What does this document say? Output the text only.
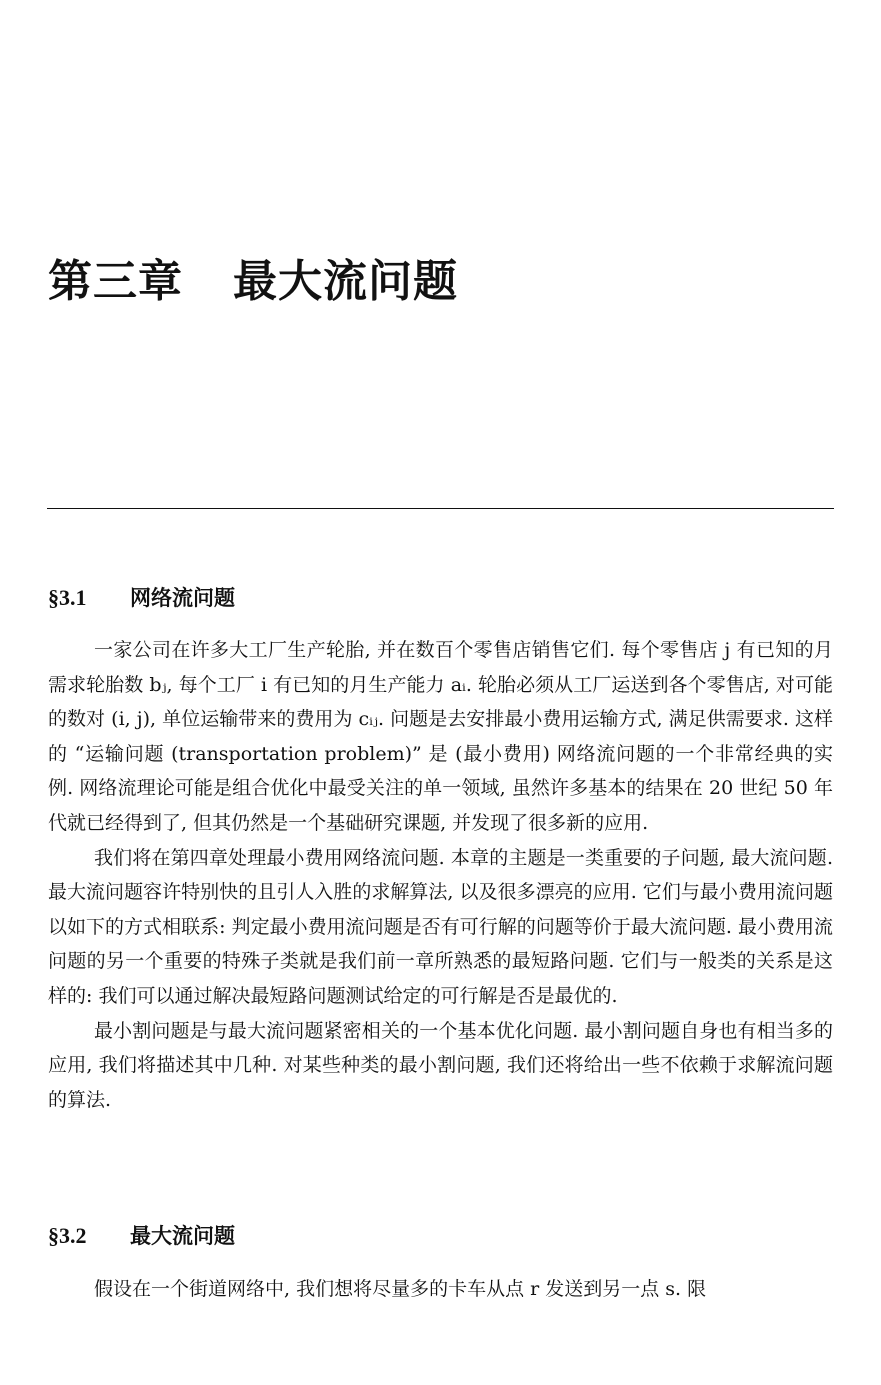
第三章 最大流问题
§3.1 网络流问题

一家公司在许多大工厂生产轮胎, 并在数百个零售店销售它们. 每个零售店 j 有已知的月需求轮胎数 bⱼ, 每个工厂 i 有已知的月生产能力 aᵢ. 轮胎必须从工厂运送到各个零售店, 对可能的数对 (i, j), 单位运输带来的费用为 cᵢⱼ. 问题是去安排最小费用运输方式, 满足供需要求. 这样的 “运输问题 (transportation problem)” 是 (最小费用) 网络流问题的一个非常经典的实例. 网络流理论可能是组合优化中最受关注的单一领域, 虽然许多基本的结果在 20 世纪 50 年代就已经得到了, 但其仍然是一个基础研究课题, 并发现了很多新的应用.

我们将在第四章处理最小费用网络流问题. 本章的主题是一类重要的子问题, 最大流问题. 最大流问题容许特别快的且引人入胜的求解算法, 以及很多漂亮的应用. 它们与最小费用流问题以如下的方式相联系: 判定最小费用流问题是否有可行解的问题等价于最大流问题. 最小费用流问题的另一个重要的特殊子类就是我们前一章所熟悉的最短路问题. 它们与一般类的关系是这样的: 我们可以通过解决最短路问题测试给定的可行解是否是最优的.

最小割问题是与最大流问题紧密相关的一个基本优化问题. 最小割问题自身也有相当多的应用, 我们将描述其中几种. 对某些种类的最小割问题, 我们还将给出一些不依赖于求解流问题的算法.

§3.2 最大流问题

假设在一个街道网络中, 我们想将尽量多的卡车从点 r 发送到另一点 s. 限
